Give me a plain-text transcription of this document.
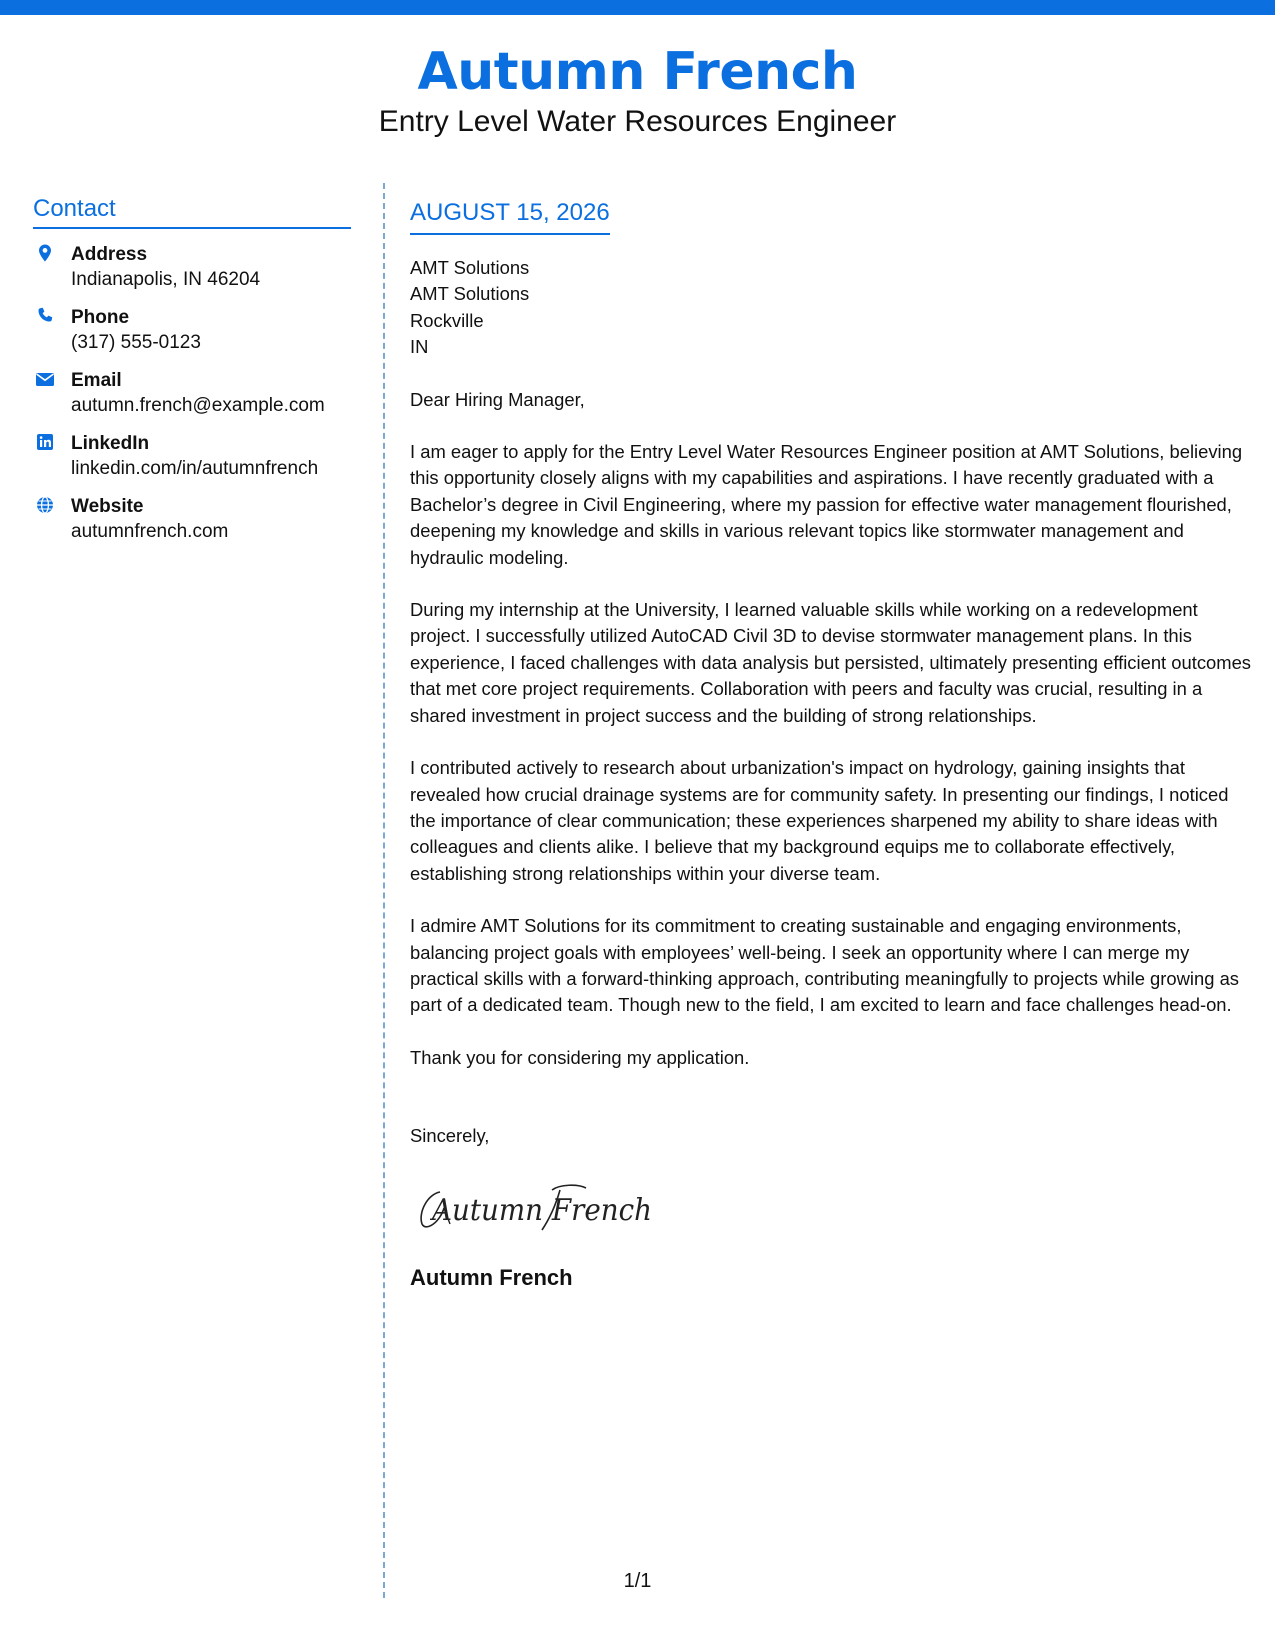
Autumn French
Entry Level Water Resources Engineer
Contact
Address
Indianapolis, IN 46204
Phone
(317) 555-0123
Email
autumn.french@example.com
LinkedIn
linkedin.com/in/autumnfrench
Website
autumnfrench.com
AUGUST 15, 2026
AMT Solutions
AMT Solutions
Rockville
IN
Dear Hiring Manager,
I am eager to apply for the Entry Level Water Resources Engineer position at AMT Solutions, believing this opportunity closely aligns with my capabilities and aspirations. I have recently graduated with a Bachelor’s degree in Civil Engineering, where my passion for effective water management flourished, deepening my knowledge and skills in various relevant topics like stormwater management and hydraulic modeling.
During my internship at the University, I learned valuable skills while working on a redevelopment project. I successfully utilized AutoCAD Civil 3D to devise stormwater management plans. In this experience, I faced challenges with data analysis but persisted, ultimately presenting efficient outcomes that met core project requirements. Collaboration with peers and faculty was crucial, resulting in a shared investment in project success and the building of strong relationships.
I contributed actively to research about urbanization's impact on hydrology, gaining insights that revealed how crucial drainage systems are for community safety. In presenting our findings, I noticed the importance of clear communication; these experiences sharpened my ability to share ideas with colleagues and clients alike. I believe that my background equips me to collaborate effectively, establishing strong relationships within your diverse team.
I admire AMT Solutions for its commitment to creating sustainable and engaging environments, balancing project goals with employees’ well-being. I seek an opportunity where I can merge my practical skills with a forward-thinking approach, contributing meaningfully to projects while growing as part of a dedicated team. Though new to the field, I am excited to learn and face challenges head-on.
Thank you for considering my application.
Sincerely,
Autumn French
Autumn French
1/1
